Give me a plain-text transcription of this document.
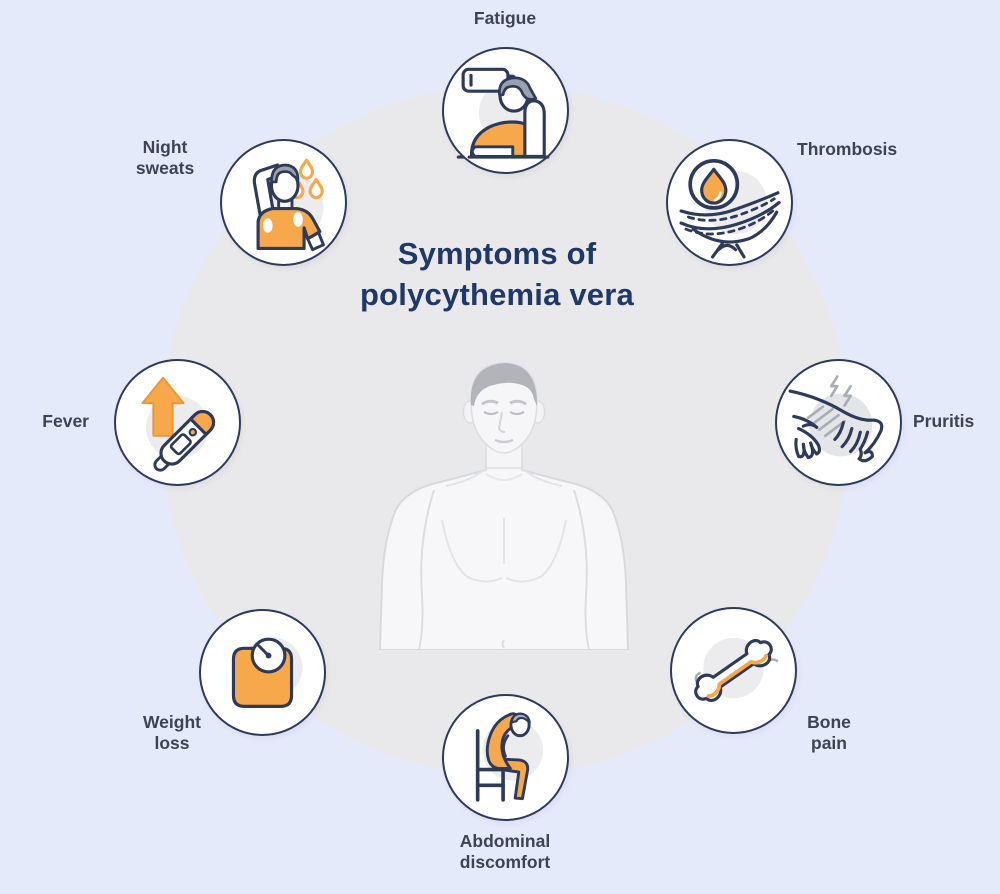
Symptoms of polycythemia vera
Fatigue
Thrombosis
Pruritis
Bone
pain
Abdominal
discomfort
Weight
loss
Fever
Night
sweats
